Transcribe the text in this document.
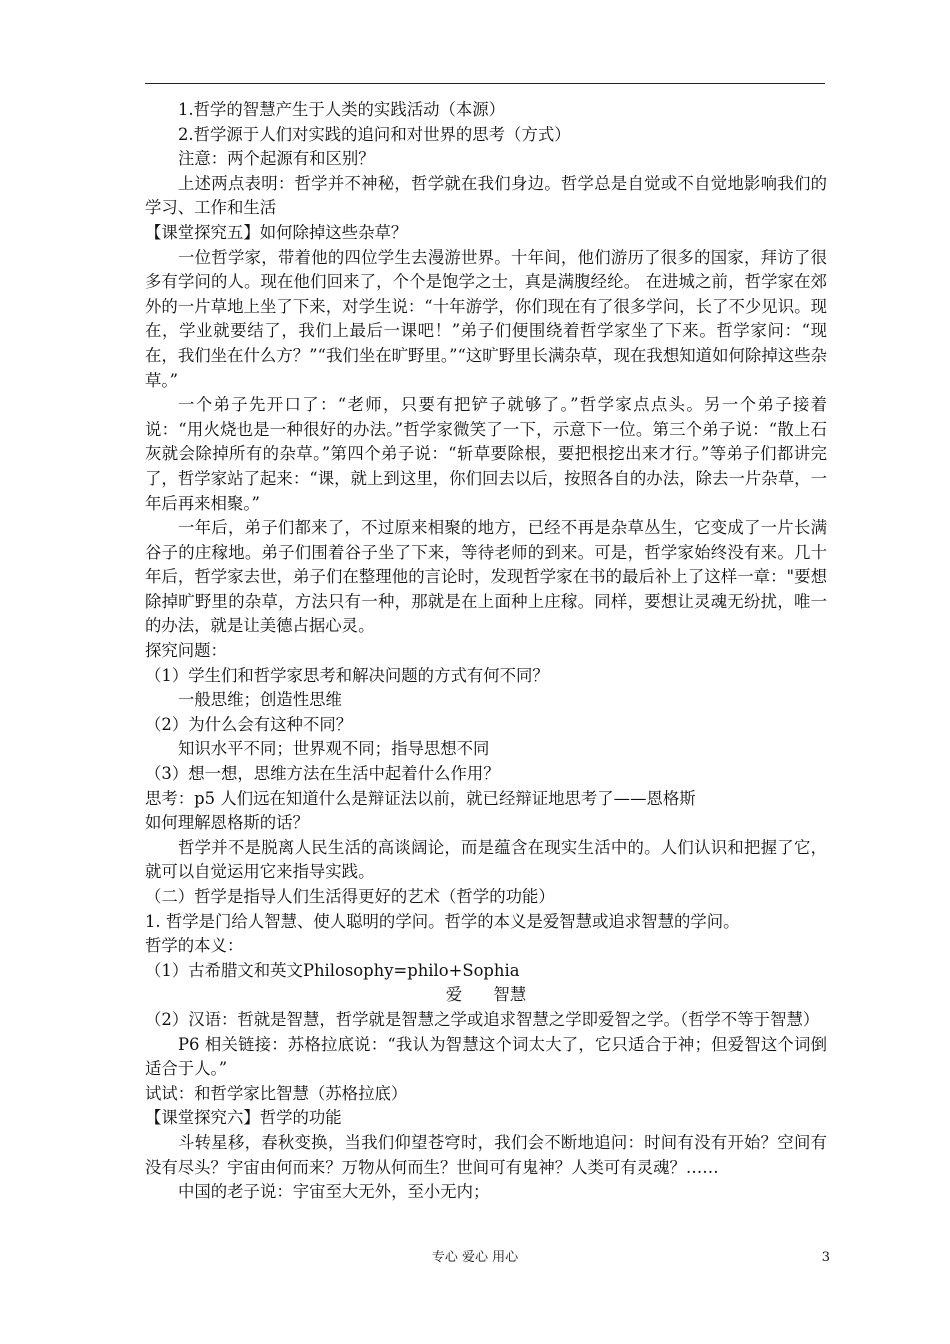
1.哲学的智慧产生于人类的实践活动（本源）

2.哲学源于人们对实践的追问和对世界的思考（方式）

注意：两个起源有和区别？

上述两点表明：哲学并不神秘，哲学就在我们身边。哲学总是自觉或不自觉地影响我们的学习、工作和生活

【课堂探究五】如何除掉这些杂草？

一位哲学家，带着他的四位学生去漫游世界。十年间，他们游历了很多的国家，拜访了很多有学问的人。现在他们回来了，个个是饱学之士，真是满腹经纶。 在进城之前，哲学家在郊外的一片草地上坐了下来，对学生说：“十年游学，你们现在有了很多学问，长了不少见识。现在，学业就要结了，我们上最后一课吧！”弟子们便围绕着哲学家坐了下来。哲学家问：“现在，我们坐在什么方？”“我们坐在旷野里。”“这旷野里长满杂草，现在我想知道如何除掉这些杂草。”

一个弟子先开口了：“老师，只要有把铲子就够了。”哲学家点点头。另一个弟子接着说：“用火烧也是一种很好的办法。”哲学家微笑了一下，示意下一位。第三个弟子说：“散上石灰就会除掉所有的杂草。”第四个弟子说：“斩草要除根，要把根挖出来才行。”等弟子们都讲完了，哲学家站了起来：“课，就上到这里，你们回去以后，按照各自的办法，除去一片杂草，一年后再来相聚。”

一年后，弟子们都来了，不过原来相聚的地方，已经不再是杂草丛生，它变成了一片长满谷子的庄稼地。弟子们围着谷子坐了下来，等待老师的到来。可是，哲学家始终没有来。几十年后，哲学家去世，弟子们在整理他的言论时，发现哲学家在书的最后补上了这样一章："要想除掉旷野里的杂草，方法只有一种，那就是在上面种上庄稼。同样，要想让灵魂无纷扰，唯一的办法，就是让美德占据心灵。

探究问题：

（1）学生们和哲学家思考和解决问题的方式有何不同？

一般思维；创造性思维

（2）为什么会有这种不同？

知识水平不同；世界观不同；指导思想不同

（3）想一想，思维方法在生活中起着什么作用？

思考：p5 人们远在知道什么是辩证法以前，就已经辩证地思考了——恩格斯

如何理解恩格斯的话？

哲学并不是脱离人民生活的高谈阔论，而是蕴含在现实生活中的。人们认识和把握了它，就可以自觉运用它来指导实践。

（二）哲学是指导人们生活得更好的艺术（哲学的功能）

1. 哲学是门给人智慧、使人聪明的学问。哲学的本义是爱智慧或追求智慧的学问。

哲学的本义：

（1）古希腊文和英文Philosophy=philo+Sophia

爱      智慧

（2）汉语：哲就是智慧，哲学就是智慧之学或追求智慧之学即爱智之学。（哲学不等于智慧）

P6 相关链接：苏格拉底说：“我认为智慧这个词太大了，它只适合于神；但爱智这个词倒适合于人。”

试试：和哲学家比智慧（苏格拉底）

【课堂探究六】哲学的功能

斗转星移，春秋变换，当我们仰望苍穹时，我们会不断地追问：时间有没有开始？空间有没有尽头？宇宙由何而来？万物从何而生？世间可有鬼神？人类可有灵魂？……

中国的老子说：宇宙至大无外，至小无内；

专心 爱心 用心	3
